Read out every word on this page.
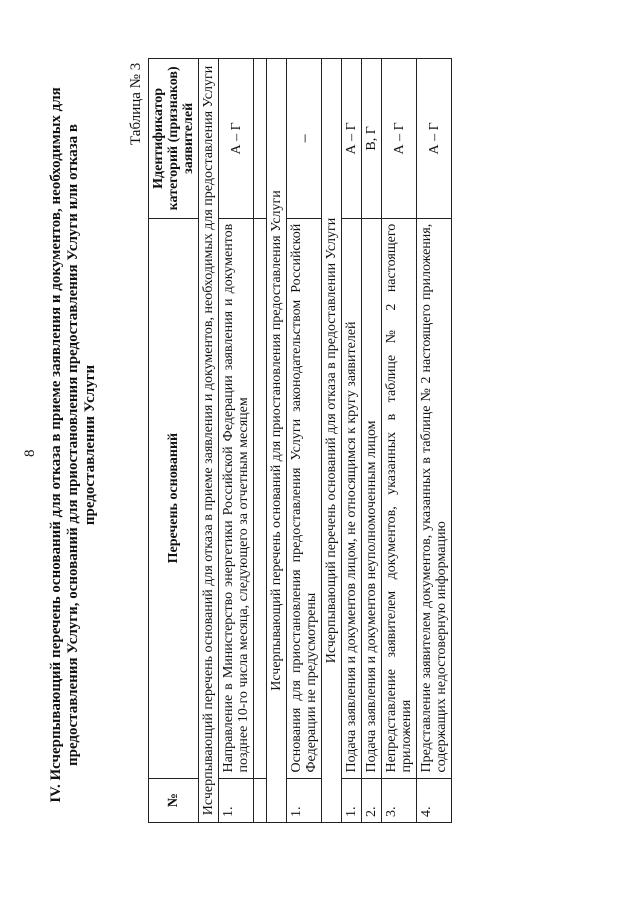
8 IV. Исчерпывающий перечень оснований для отказа в приеме заявления и документов, необходимых для предоставления Услуги, оснований для приостановления предоставления Услуги или отказа в предоставлении Услуги
Таблица № 3
№	Перечень оснований	Идентификатор категорий (признаков) заявителей
Исчерпывающий перечень оснований для отказа в приеме заявления и документов, необходимых для предоставления Услуги		
1.	Направление в Министерство энергетики Российской Федерации заявления и документов позднее 10-го числа месяца, следующего за отчетным месяцем	А – Г

Исчерпывающий перечень оснований для приостановления предоставления Услуги		
1.	Основания для приостановления предоставления Услуги законодательством Российской Федерации не предусмотрены	–
Исчерпывающий перечень оснований для отказа в предоставлении Услуги		
1.	Подача заявления и документов лицом, не относящимся к кругу заявителей	А – Г
2.	Подача заявления и документов неуполномоченным лицом	В, Г
3.	Непредставление заявителем документов, указанных в таблице № 2 настоящего приложения	А – Г
4.	Представление заявителем документов, указанных в таблице № 2 настоящего приложения, содержащих недостоверную информацию	А – Г
